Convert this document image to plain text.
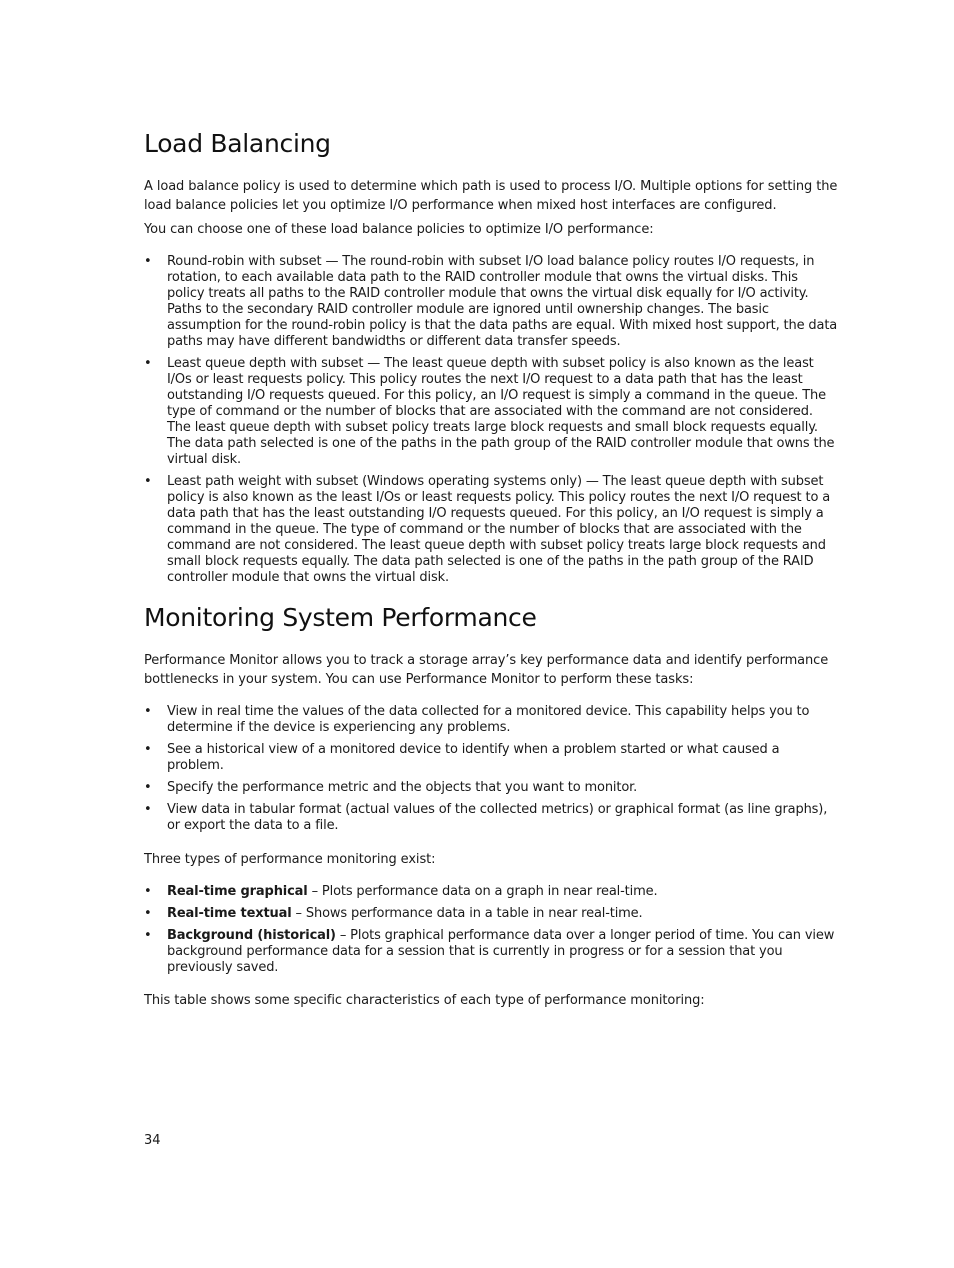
Load Balancing

A load balance policy is used to determine which path is used to process I/O. Multiple options for setting the load balance policies let you optimize I/O performance when mixed host interfaces are configured.

You can choose one of these load balance policies to optimize I/O performance:

• Round-robin with subset — The round-robin with subset I/O load balance policy routes I/O requests, in rotation, to each available data path to the RAID controller module that owns the virtual disks. This policy treats all paths to the RAID controller module that owns the virtual disk equally for I/O activity. Paths to the secondary RAID controller module are ignored until ownership changes. The basic assumption for the round-robin policy is that the data paths are equal. With mixed host support, the data paths may have different bandwidths or different data transfer speeds.
• Least queue depth with subset — The least queue depth with subset policy is also known as the least I/Os or least requests policy. This policy routes the next I/O request to a data path that has the least outstanding I/O requests queued. For this policy, an I/O request is simply a command in the queue. The type of command or the number of blocks that are associated with the command are not considered. The least queue depth with subset policy treats large block requests and small block requests equally. The data path selected is one of the paths in the path group of the RAID controller module that owns the virtual disk.
• Least path weight with subset (Windows operating systems only) — The least queue depth with subset policy is also known as the least I/Os or least requests policy. This policy routes the next I/O request to a data path that has the least outstanding I/O requests queued. For this policy, an I/O request is simply a command in the queue. The type of command or the number of blocks that are associated with the command are not considered. The least queue depth with subset policy treats large block requests and small block requests equally. The data path selected is one of the paths in the path group of the RAID controller module that owns the virtual disk.
Monitoring System Performance

Performance Monitor allows you to track a storage array’s key performance data and identify performance bottlenecks in your system. You can use Performance Monitor to perform these tasks:

• View in real time the values of the data collected for a monitored device. This capability helps you to determine if the device is experiencing any problems.
• See a historical view of a monitored device to identify when a problem started or what caused a problem.
• Specify the performance metric and the objects that you want to monitor.
• View data in tabular format (actual values of the collected metrics) or graphical format (as line graphs), or export the data to a file.

Three types of performance monitoring exist:

• Real-time graphical – Plots performance data on a graph in near real-time.
• Real-time textual – Shows performance data in a table in near real-time.
• Background (historical) – Plots graphical performance data over a longer period of time. You can view background performance data for a session that is currently in progress or for a session that you previously saved.

This table shows some specific characteristics of each type of performance monitoring:

34
